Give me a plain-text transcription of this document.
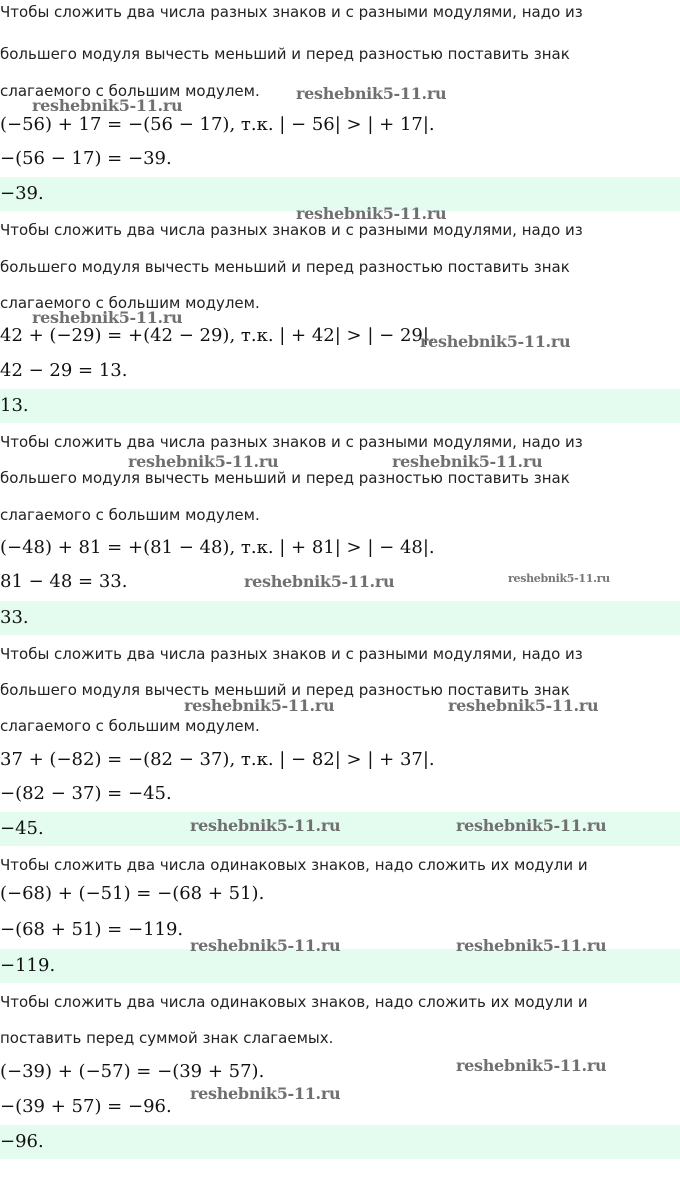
Чтобы сложить два числа разных знаков и с разными модулями, надо из
большего модуля вычесть меньший и перед разностью поставить знак
слагаемого с большим модулем.
(−56) + 17 = −(56 − 17), т.к. | − 56| > | + 17|.
−(56 − 17) = −39.
−39.
Чтобы сложить два числа разных знаков и с разными модулями, надо из
большего модуля вычесть меньший и перед разностью поставить знак
слагаемого с большим модулем.
42 + (−29) = +(42 − 29), т.к. | + 42| > | − 29|.
42 − 29 = 13.
13.
Чтобы сложить два числа разных знаков и с разными модулями, надо из
большего модуля вычесть меньший и перед разностью поставить знак
слагаемого с большим модулем.
(−48) + 81 = +(81 − 48), т.к. | + 81| > | − 48|.
81 − 48 = 33.
33.
Чтобы сложить два числа разных знаков и с разными модулями, надо из
большего модуля вычесть меньший и перед разностью поставить знак
слагаемого с большим модулем.
37 + (−82) = −(82 − 37), т.к. | − 82| > | + 37|.
−(82 − 37) = −45.
−45.
Чтобы сложить два числа одинаковых знаков, надо сложить их модули и
(−68) + (−51) = −(68 + 51).
−(68 + 51) = −119.
−119.
Чтобы сложить два числа одинаковых знаков, надо сложить их модули и
поставить перед суммой знак слагаемых.
(−39) + (−57) = −(39 + 57).
−(39 + 57) = −96.
−96.
reshebnik5-11.ru
reshebnik5-11.ru
reshebnik5-11.ru
reshebnik5-11.ru
reshebnik5-11.ru
reshebnik5-11.ru	reshebnik5-11.ru
reshebnik5-11.ru	reshebnik5-11.ru
reshebnik5-11.ru	reshebnik5-11.ru
reshebnik5-11.ru	reshebnik5-11.ru
reshebnik5-11.ru	reshebnik5-11.ru
reshebnik5-11.ru
reshebnik5-11.ru
